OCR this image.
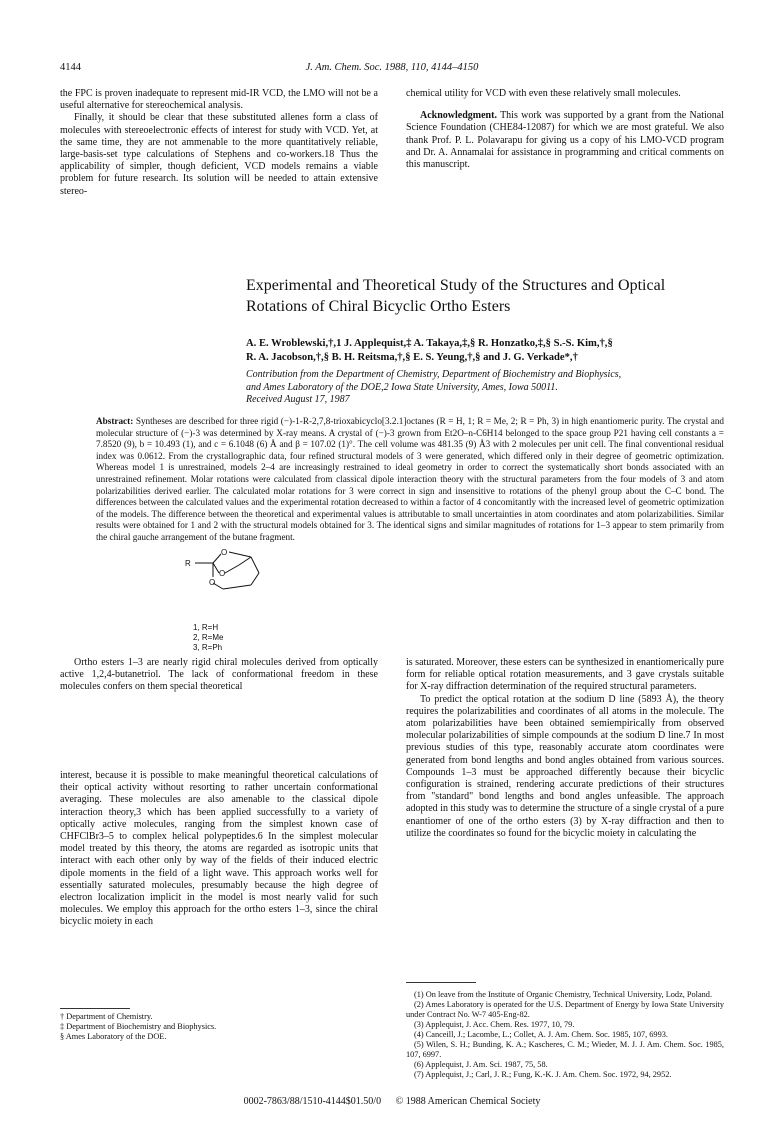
4144	J. Am. Chem. Soc. 1988, 110, 4144–4150

the FPC is proven inadequate to represent mid-IR VCD, the LMO will not be a useful alternative for stereochemical analysis.

Finally, it should be clear that these substituted allenes form a class of molecules with stereoelectronic effects of interest for study with VCD. Yet, at the same time, they are not ammenable to the more quantitatively reliable, large-basis-set type calculations of Stephens and co-workers.18 Thus the applicability of simpler, though deficient, VCD models remains a viable problem for future research. Its solution will be needed to attain extensive stereo-

chemical utility for VCD with even these relatively small molecules.

Acknowledgment. This work was supported by a grant from the National Science Foundation (CHE84-12087) for which we are most grateful. We also thank Prof. P. L. Polavarapu for giving us a copy of his LMO-VCD program and Dr. A. Annamalai for assistance in programming and critical comments on this manuscript.

Experimental and Theoretical Study of the Structures and Optical Rotations of Chiral Bicyclic Ortho Esters
A. E. Wroblewski,†,1 J. Applequist,‡ A. Takaya,‡,§ R. Honzatko,‡,§ S.-S. Kim,†,§
R. A. Jacobson,†,§ B. H. Reitsma,†,§ E. S. Yeung,†,§ and J. G. Verkade*,†
Contribution from the Department of Chemistry, Department of Biochemistry and Biophysics,
and Ames Laboratory of the DOE,2 Iowa State University, Ames, Iowa 50011.
Received August 17, 1987
Abstract: Syntheses are described for three rigid (−)-1-R-2,7,8-trioxabicyclo[3.2.1]octanes (R = H, 1; R = Me, 2; R = Ph, 3) in high enantiomeric purity. The crystal and molecular structure of (−)-3 was determined by X-ray means. A crystal of (−)-3 grown from Et2O–n-C6H14 belonged to the space group P21 having cell constants a = 7.8520 (9), b = 10.493 (1), and c = 6.1048 (6) Å and β = 107.02 (1)°. The cell volume was 481.35 (9) Å3 with 2 molecules per unit cell. The final conventional residual index was 0.0612. From the crystallographic data, four refined structural models of 3 were generated, which differed only in their degree of geometric optimization. Whereas model 1 is unrestrained, models 2–4 are increasingly restrained to ideal geometry in order to correct the systematically short bonds associated with an unrestrained refinement. Molar rotations were calculated from classical dipole interaction theory with the structural parameters from the four models of 3 and atom polarizabilities derived earlier. The calculated molar rotations for 3 were correct in sign and insensitive to rotations of the phenyl group about the C–C bond. The differences between the calculated values and the experimental rotation decreased to within a factor of 4 concomitantly with the increased level of geometric optimization of the models. The difference between the theoretical and experimental values is attributable to small uncertainties in atom coordinates and atom polarizabilities. Similar results were obtained for 1 and 2 with the structural models obtained for 3. The identical signs and similar magnitudes of rotations for 1–3 appear to stem primarily from the chiral gauche arrangement of the butane fragment.

Ortho esters 1–3 are nearly rigid chiral molecules derived from optically active 1,2,4-butanetriol. The lack of conformational freedom in these molecules confers on them special theoretical

R
O
O
O
1, R=H
2, R=Me
3, R=Ph

interest, because it is possible to make meaningful theoretical calculations of their optical activity without resorting to rather uncertain conformational averaging. These molecules are also amenable to the classical dipole interaction theory,3 which has been applied successfully to a variety of optically active molecules, ranging from the simplest known case of CHFClBr3–5 to complex helical polypeptides.6 In the simplest molecular model treated by this theory, the atoms are regarded as isotropic units that interact with each other only by way of the fields of their induced electric dipole moments in the field of a light wave. This approach works well for essentially saturated molecules, presumably because the high degree of electron localization implicit in the model is most nearly valid for such molecules. We employ this approach for the ortho esters 1–3, since the chiral bicyclic moiety in each

† Department of Chemistry.
‡ Department of Biochemistry and Biophysics.
§ Ames Laboratory of the DOE.

is saturated. Moreover, these esters can be synthesized in enantiomerically pure form for reliable optical rotation measurements, and 3 gave crystals suitable for X-ray diffraction determination of the required structural parameters.

To predict the optical rotation at the sodium D line (5893 Å), the theory requires the polarizabilities and coordinates of all atoms in the molecule. The atom polarizabilities have been obtained semiempirically from observed molecular polarizabilities of simple compounds at the sodium D line.7 In most previous studies of this type, reasonably accurate atom coordinates were generated from bond lengths and bond angles obtained from various sources. Compounds 1–3 must be approached differently because their bicyclic configuration is strained, rendering accurate predictions of their structures from "standard" bond lengths and bond angles unfeasible. The approach adopted in this study was to determine the structure of a single crystal of a pure enantiomer of one of the ortho esters (3) by X-ray diffraction and then to utilize the coordinates so found for the bicyclic moiety in calculating the

(1) On leave from the Institute of Organic Chemistry, Technical University, Lodz, Poland.

(2) Ames Laboratory is operated for the U.S. Department of Energy by Iowa State University under Contract No. W-7 405-Eng-82.

(3) Applequist, J. Acc. Chem. Res. 1977, 10, 79.

(4) Canceill, J.; Lacombe, L.; Collet, A. J. Am. Chem. Soc. 1985, 107, 6993.

(5) Wilen, S. H.; Bunding, K. A.; Kascheres, C. M.; Wieder, M. J. J. Am. Chem. Soc. 1985, 107, 6997.

(6) Applequist, J. Am. Sci. 1987, 75, 58.

(7) Applequist, J.; Carl, J. R.; Fung, K.-K. J. Am. Chem. Soc. 1972, 94, 2952.

0002-7863/88/1510-4144$01.50/0 © 1988 American Chemical Society
